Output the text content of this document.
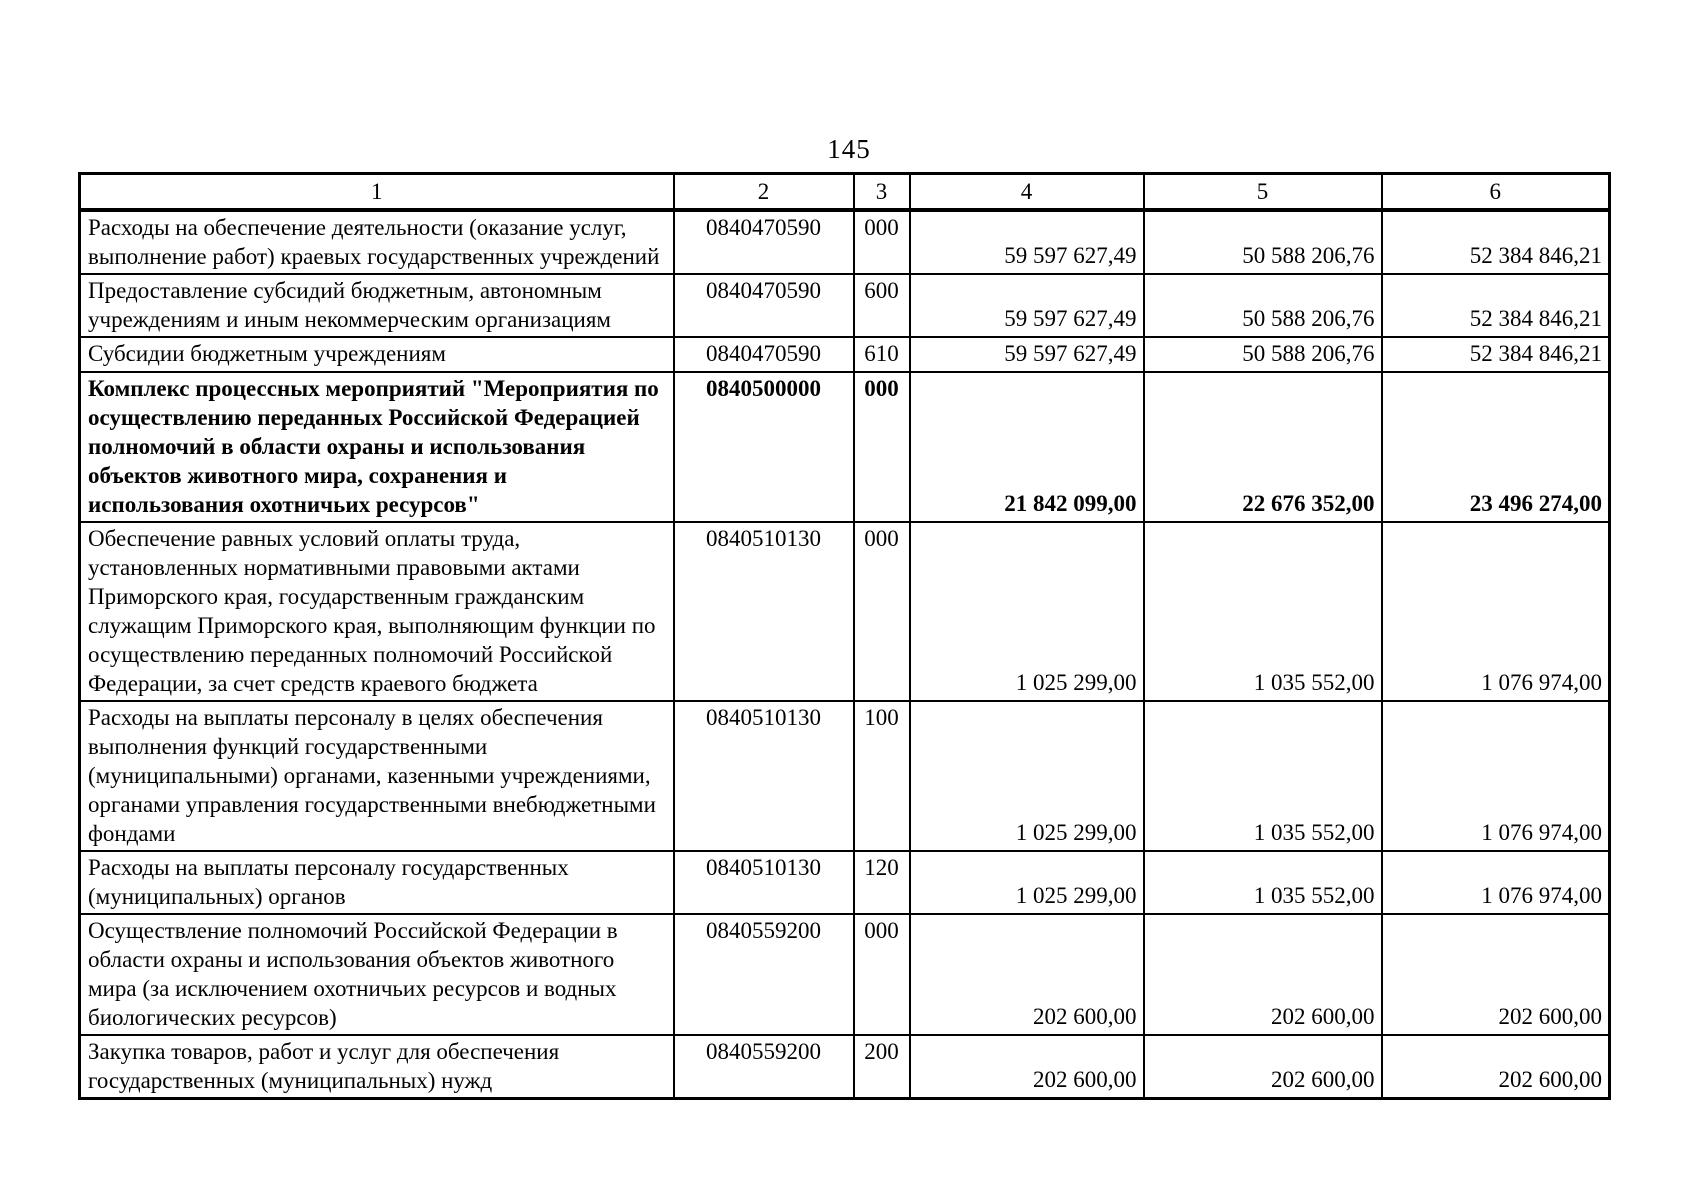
145
1	2	3	4	5	6
Расходы на обеспечение деятельности (оказание услуг, выполнение работ) краевых государственных учреждений	0840470590	000	59 597 627,49	50 588 206,76	52 384 846,21
Предоставление субсидий бюджетным, автономным учреждениям и иным некоммерческим организациям	0840470590	600	59 597 627,49	50 588 206,76	52 384 846,21
Субсидии бюджетным учреждениям	0840470590	610	59 597 627,49	50 588 206,76	52 384 846,21
Комплекс процессных мероприятий "Мероприятия по осуществлению переданных Российской Федерацией полномочий в области охраны и использования объектов животного мира, сохранения и использования охотничьих ресурсов"	0840500000	000	21 842 099,00	22 676 352,00	23 496 274,00
Обеспечение равных условий оплаты труда, установленных нормативными правовыми актами Приморского края, государственным гражданским служащим Приморского края, выполняющим функции по осуществлению переданных полномочий Российской Федерации, за счет средств краевого бюджета	0840510130	000	1 025 299,00	1 035 552,00	1 076 974,00
Расходы на выплаты персоналу в целях обеспечения выполнения функций государственными (муниципальными) органами, казенными учреждениями, органами управления государственными внебюджетными фондами	0840510130	100	1 025 299,00	1 035 552,00	1 076 974,00
Расходы на выплаты персоналу государственных (муниципальных) органов	0840510130	120	1 025 299,00	1 035 552,00	1 076 974,00
Осуществление полномочий Российской Федерации в области охраны и использования объектов животного мира (за исключением охотничьих ресурсов и водных биологических ресурсов)	0840559200	000	202 600,00	202 600,00	202 600,00
Закупка товаров, работ и услуг для обеспечения государственных (муниципальных) нужд	0840559200	200	202 600,00	202 600,00	202 600,00
